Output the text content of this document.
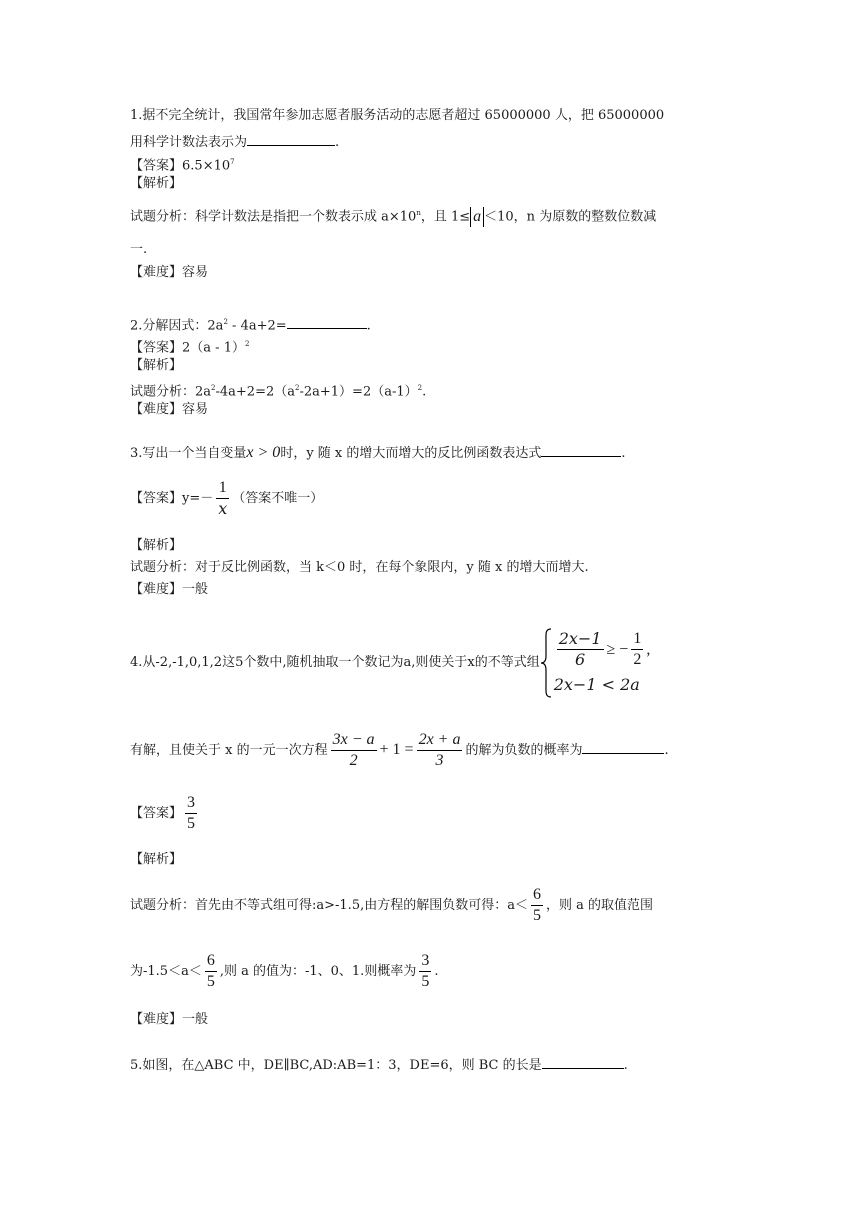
1.据不完全统计，我国常年参加志愿者服务活动的志愿者超过 65000000 人，把 65000000
用科学计数法表示为	.
【答案】$6.5\times 10^7$
【解析】
试题分析：科学计数法是指把一个数表示成 $a\times 10^n$，且 1≤ a ＜10，n 为原数的整数位数减
一.
【难度】容易
2.分解因式：$2a^2 - 4a+2=$	.
【答案】2（a - 1）$^2$
【解析】
试题分析：$2a^2-4a+2=2(a^2-2a+1)=2(a-1)^2$.
【难度】容易
3.写出一个当自变量x > 0时，y 随 x 的增大而增大的反比例函数表达式	.
【答案】$y=- \frac{1}{x}$ （答案不唯一）
【解析】
试题分析：对于反比例函数，当 k＜0 时，在每个象限内，y 随 x 的增大而增大.
【难度】一般
4.从-2,-1,0,1,2这5个数中,随机抽取一个数记为a,则使关于x的不等式组 $\frac{2x-1}{6}$ ≥ − $\frac{1}{2}$ ,
2x−1 < 2a
有解，且使关于 x 的一元一次方程 $\frac{3x - a}{2} + 1 = \frac{2x + a}{3}$ 的解为负数的概率为	.
【答案】 $\frac{3}{5}$
【解析】
试题分析：首先由不等式组可得:a>-1.5,由方程的解围负数可得：$a< \frac{6}{5}$ ，则 a 的取值范围
为$-1.5<a< \frac{6}{5}$ ,则 a 的值为：-1、0、1.则概率为 $\frac{3}{5}$ .
【难度】一般
5.如图，在△ABC 中，DE∥BC,AD:AB=1：3，DE=6，则 BC 的长是	.
